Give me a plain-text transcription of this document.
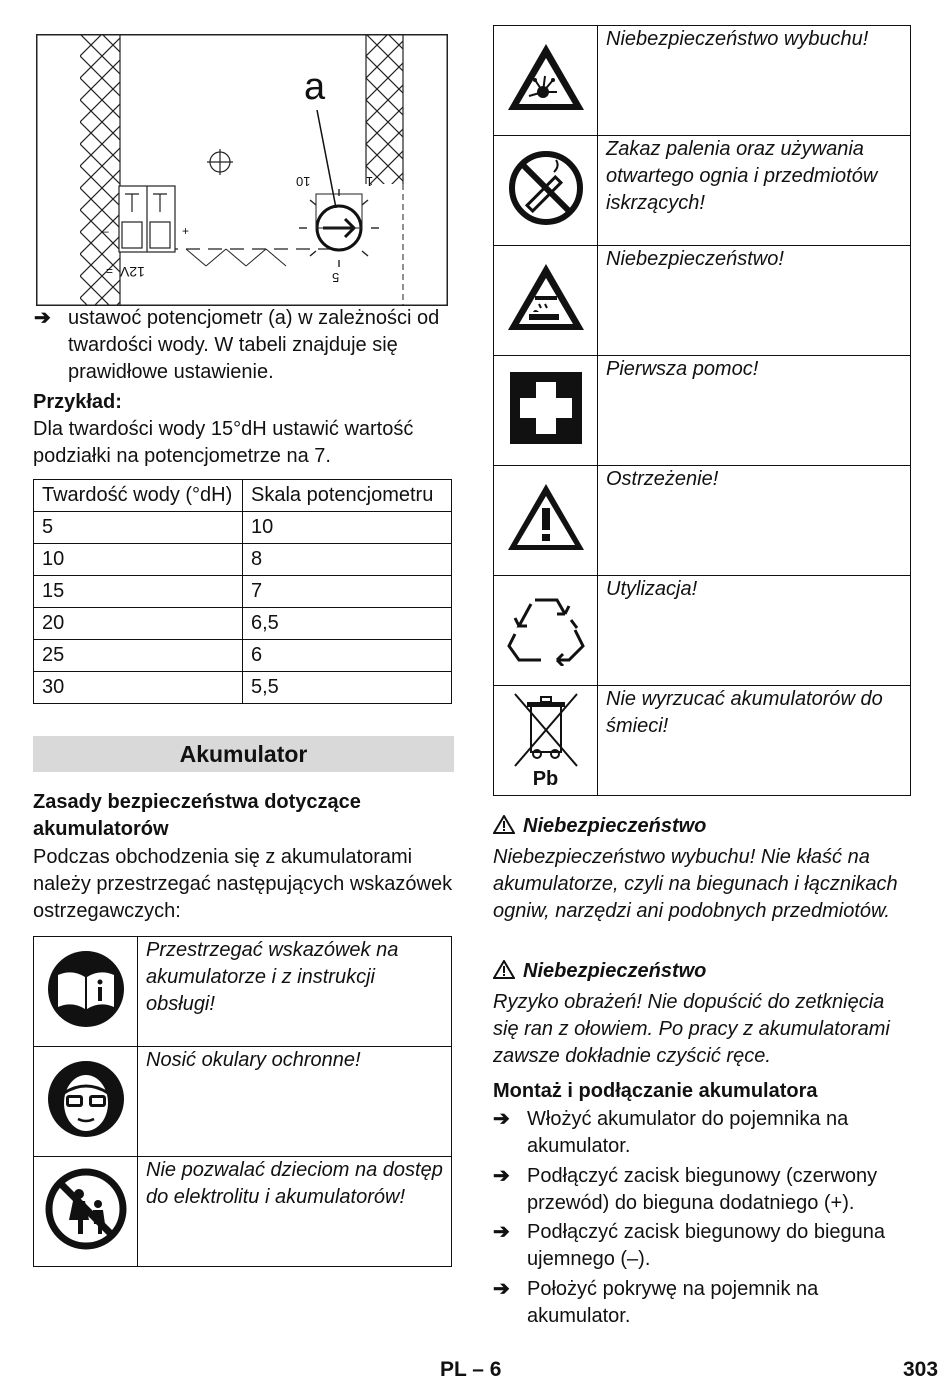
a
10	1
5
12V
=
–	+
➔ ustawoć potencjometr (a) w zależności od twardości wody. W tabeli znajduje się prawidłowe ustawienie.
Przykład:
Dla twardości wody 15°dH ustawić wartość podziałki na potencjometrze na 7.
Twardość wody (°dH)	Skala potencjometru
5	10
10	8
15	7
20	6,5
25	6
30	5,5
Akumulator
Zasady bezpieczeństwa dotyczące akumulatorów
Podczas obchodzenia się z akumulatorami należy przestrzegać następujących wskazówek ostrzegawczych:
	Przestrzegać wskazówek na akumulatorze i z instrukcji obsługi!
	Nosić okulary ochronne!
	Nie pozwalać dzieciom na dostęp do elektrolitu i akumulatorów!
	Niebezpieczeństwo wybuchu!
	Zakaz palenia oraz używania otwartego ognia i przedmiotów iskrzących!
	Niebezpieczeństwo!
	Pierwsza pomoc!
	Ostrzeżenie!
	Utylizacja!

Pb	Nie wyrzucać akumulatorów do śmieci!
Niebezpieczeństwo
Niebezpieczeństwo wybuchu! Nie kłaść na akumulatorze, czyli na biegunach i łącznikach ogniw, narzędzi ani podobnych przedmiotów.
Niebezpieczeństwo
Ryzyko obrażeń! Nie dopuścić do zetknięcia się ran z ołowiem. Po pracy z akumulatorami zawsze dokładnie czyścić ręce.
Montaż i podłączanie akumulatora
➔ Włożyć akumulator do pojemnika na akumulator.
➔ Podłączyć zacisk biegunowy (czerwony przewód) do bieguna dodatniego (+).
➔ Podłączyć zacisk biegunowy do bieguna ujemnego (–).
➔ Położyć pokrywę na pojemnik na akumulator.
PL – 6	303
